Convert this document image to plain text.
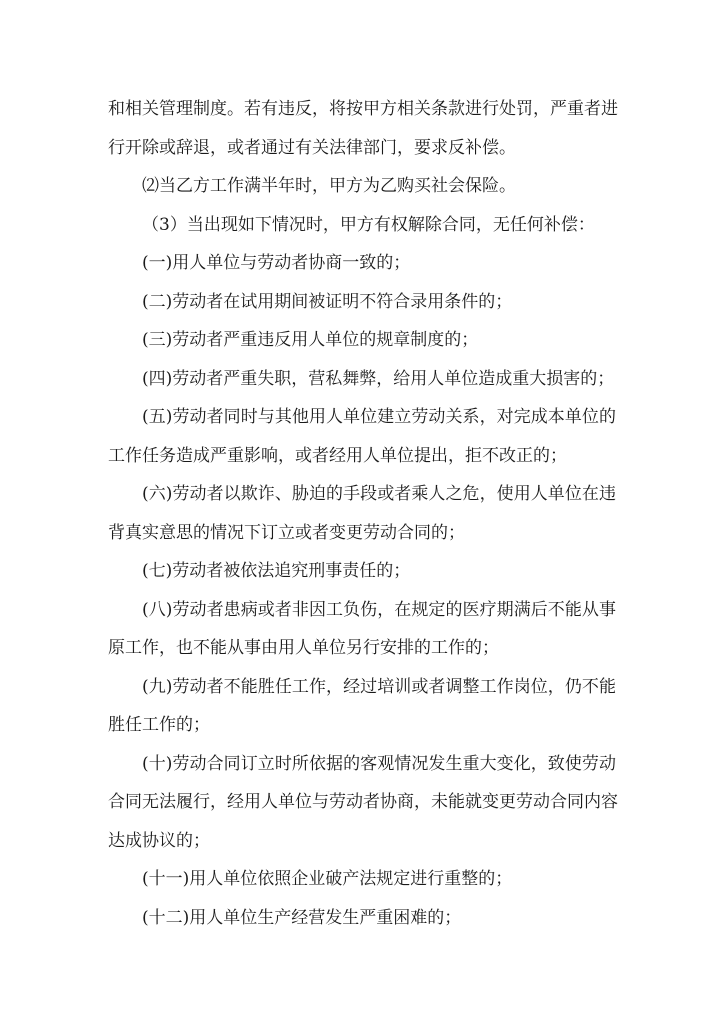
和相关管理制度。若有违反，将按甲方相关条款进行处罚，严重者进
行开除或辞退，或者通过有关法律部门，要求反补偿。
⑵当乙方工作满半年时，甲方为乙购买社会保险。
（3）当出现如下情况时，甲方有权解除合同，无任何补偿：
(一)用人单位与劳动者协商一致的；
(二)劳动者在试用期间被证明不符合录用条件的；
(三)劳动者严重违反用人单位的规章制度的；
(四)劳动者严重失职，营私舞弊，给用人单位造成重大损害的；
(五)劳动者同时与其他用人单位建立劳动关系，对完成本单位的
工作任务造成严重影响，或者经用人单位提出，拒不改正的；
(六)劳动者以欺诈、胁迫的手段或者乘人之危，使用人单位在违
背真实意思的情况下订立或者变更劳动合同的；
(七)劳动者被依法追究刑事责任的；
(八)劳动者患病或者非因工负伤，在规定的医疗期满后不能从事
原工作，也不能从事由用人单位另行安排的工作的；
(九)劳动者不能胜任工作，经过培训或者调整工作岗位，仍不能
胜任工作的；
(十)劳动合同订立时所依据的客观情况发生重大变化，致使劳动
合同无法履行，经用人单位与劳动者协商，未能就变更劳动合同内容
达成协议的；
(十一)用人单位依照企业破产法规定进行重整的；
(十二)用人单位生产经营发生严重困难的；
